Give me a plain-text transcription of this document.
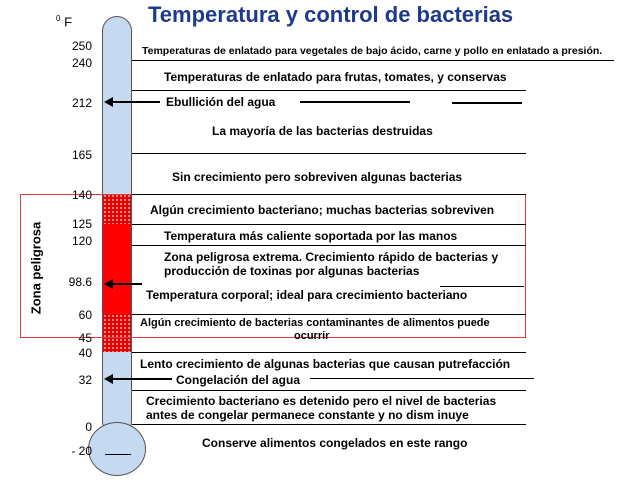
Temperatura y control de bacterias
$^0$ F
Zona peligrosa
250
240
212
165
140
125
120
98.6
60
45
40
32
0
- 20
Temperaturas de enlatado para vegetales de bajo ácido, carne y pollo en enlatado a presión.
Temperaturas de enlatado para frutas, tomates, y conservas
Ebullición del agua
La mayoría de las bacterias destruidas
Sin crecimiento pero sobreviven algunas bacterias
Algún crecimiento bacteriano; muchas bacterias sobreviven
Temperatura más caliente soportada por las manos
Zona peligrosa extrema. Crecimiento rápido de bacterias y
producción de toxinas por algunas bacterias
Temperatura corporal; ideal para crecimiento bacteriano
Algún crecimiento de bacterias contaminantes de alimentos puede
ocurrir
Lento crecimiento de algunas bacterias que causan putrefacción
Congelación del agua
Crecimiento bacteriano es detenido pero el nivel de bacterias
antes de congelar permanece constante y no dism inuye
Conserve alimentos congelados en este rango
